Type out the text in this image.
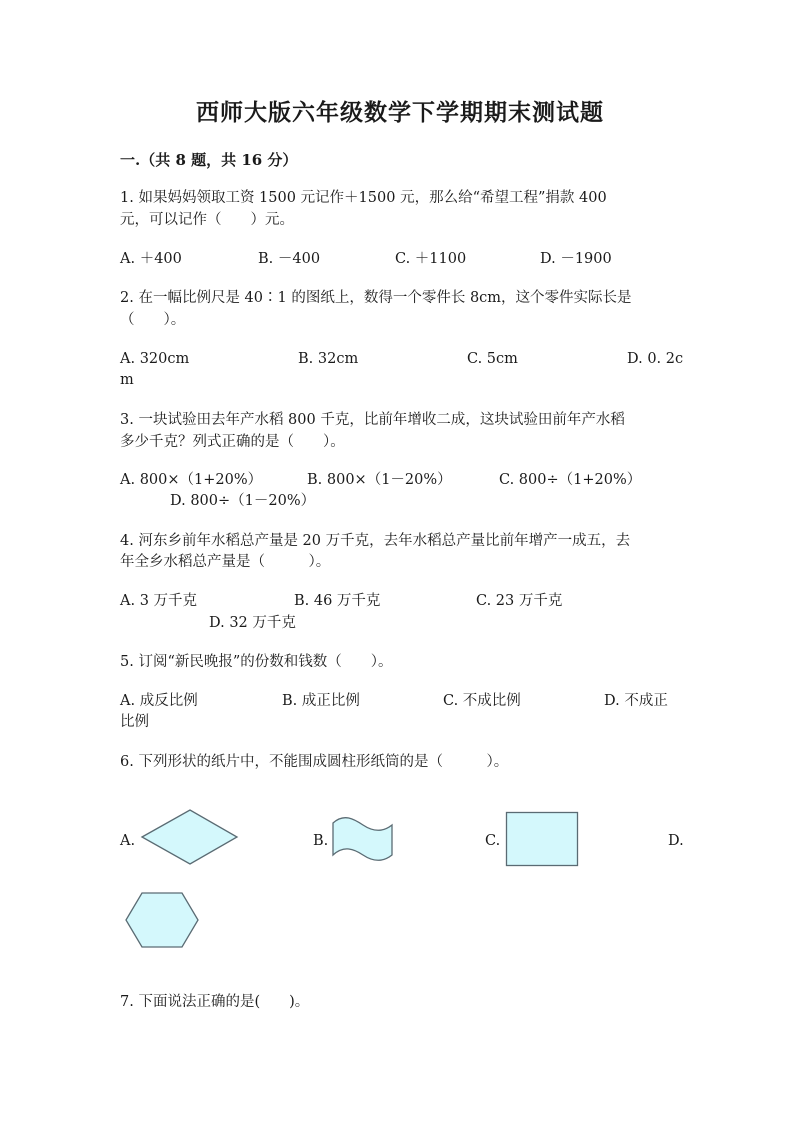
西师大版六年级数学下学期期末测试题
一.（共 8 题，共 16 分）
1. 如果妈妈领取工资 1500 元记作＋1500 元，那么给“希望工程”捐款 400
元，可以记作（　　）元。
A. ＋400	B. －400	C. ＋1100	D. －1900
2. 在一幅比例尺是 40∶1 的图纸上，数得一个零件长 8cm，这个零件实际长是
（　　）。
A. 320cm	B. 32cm	C. 5cm	D. 0. 2c
m
3. 一块试验田去年产水稻 800 千克，比前年增收二成，这块试验田前年产水稻
多少千克？列式正确的是（　　）。
A. 800×（1+20%）	B. 800×（1－20%）	C. 800÷（1+20%）
D. 800÷（1－20%）
4. 河东乡前年水稻总产量是 20 万千克，去年水稻总产量比前年增产一成五，去
年全乡水稻总产量是（　　　）。
A. 3 万千克	B. 46 万千克	C. 23 万千克
D. 32 万千克
5. 订阅“新民晚报”的份数和钱数（　　）。
A. 成反比例	B. 成正比例	C. 不成比例	D. 不成正
比例
6. 下列形状的纸片中，不能围成圆柱形纸筒的是（　　　）。
A.	B.	C.	D.
7. 下面说法正确的是(　　)。
